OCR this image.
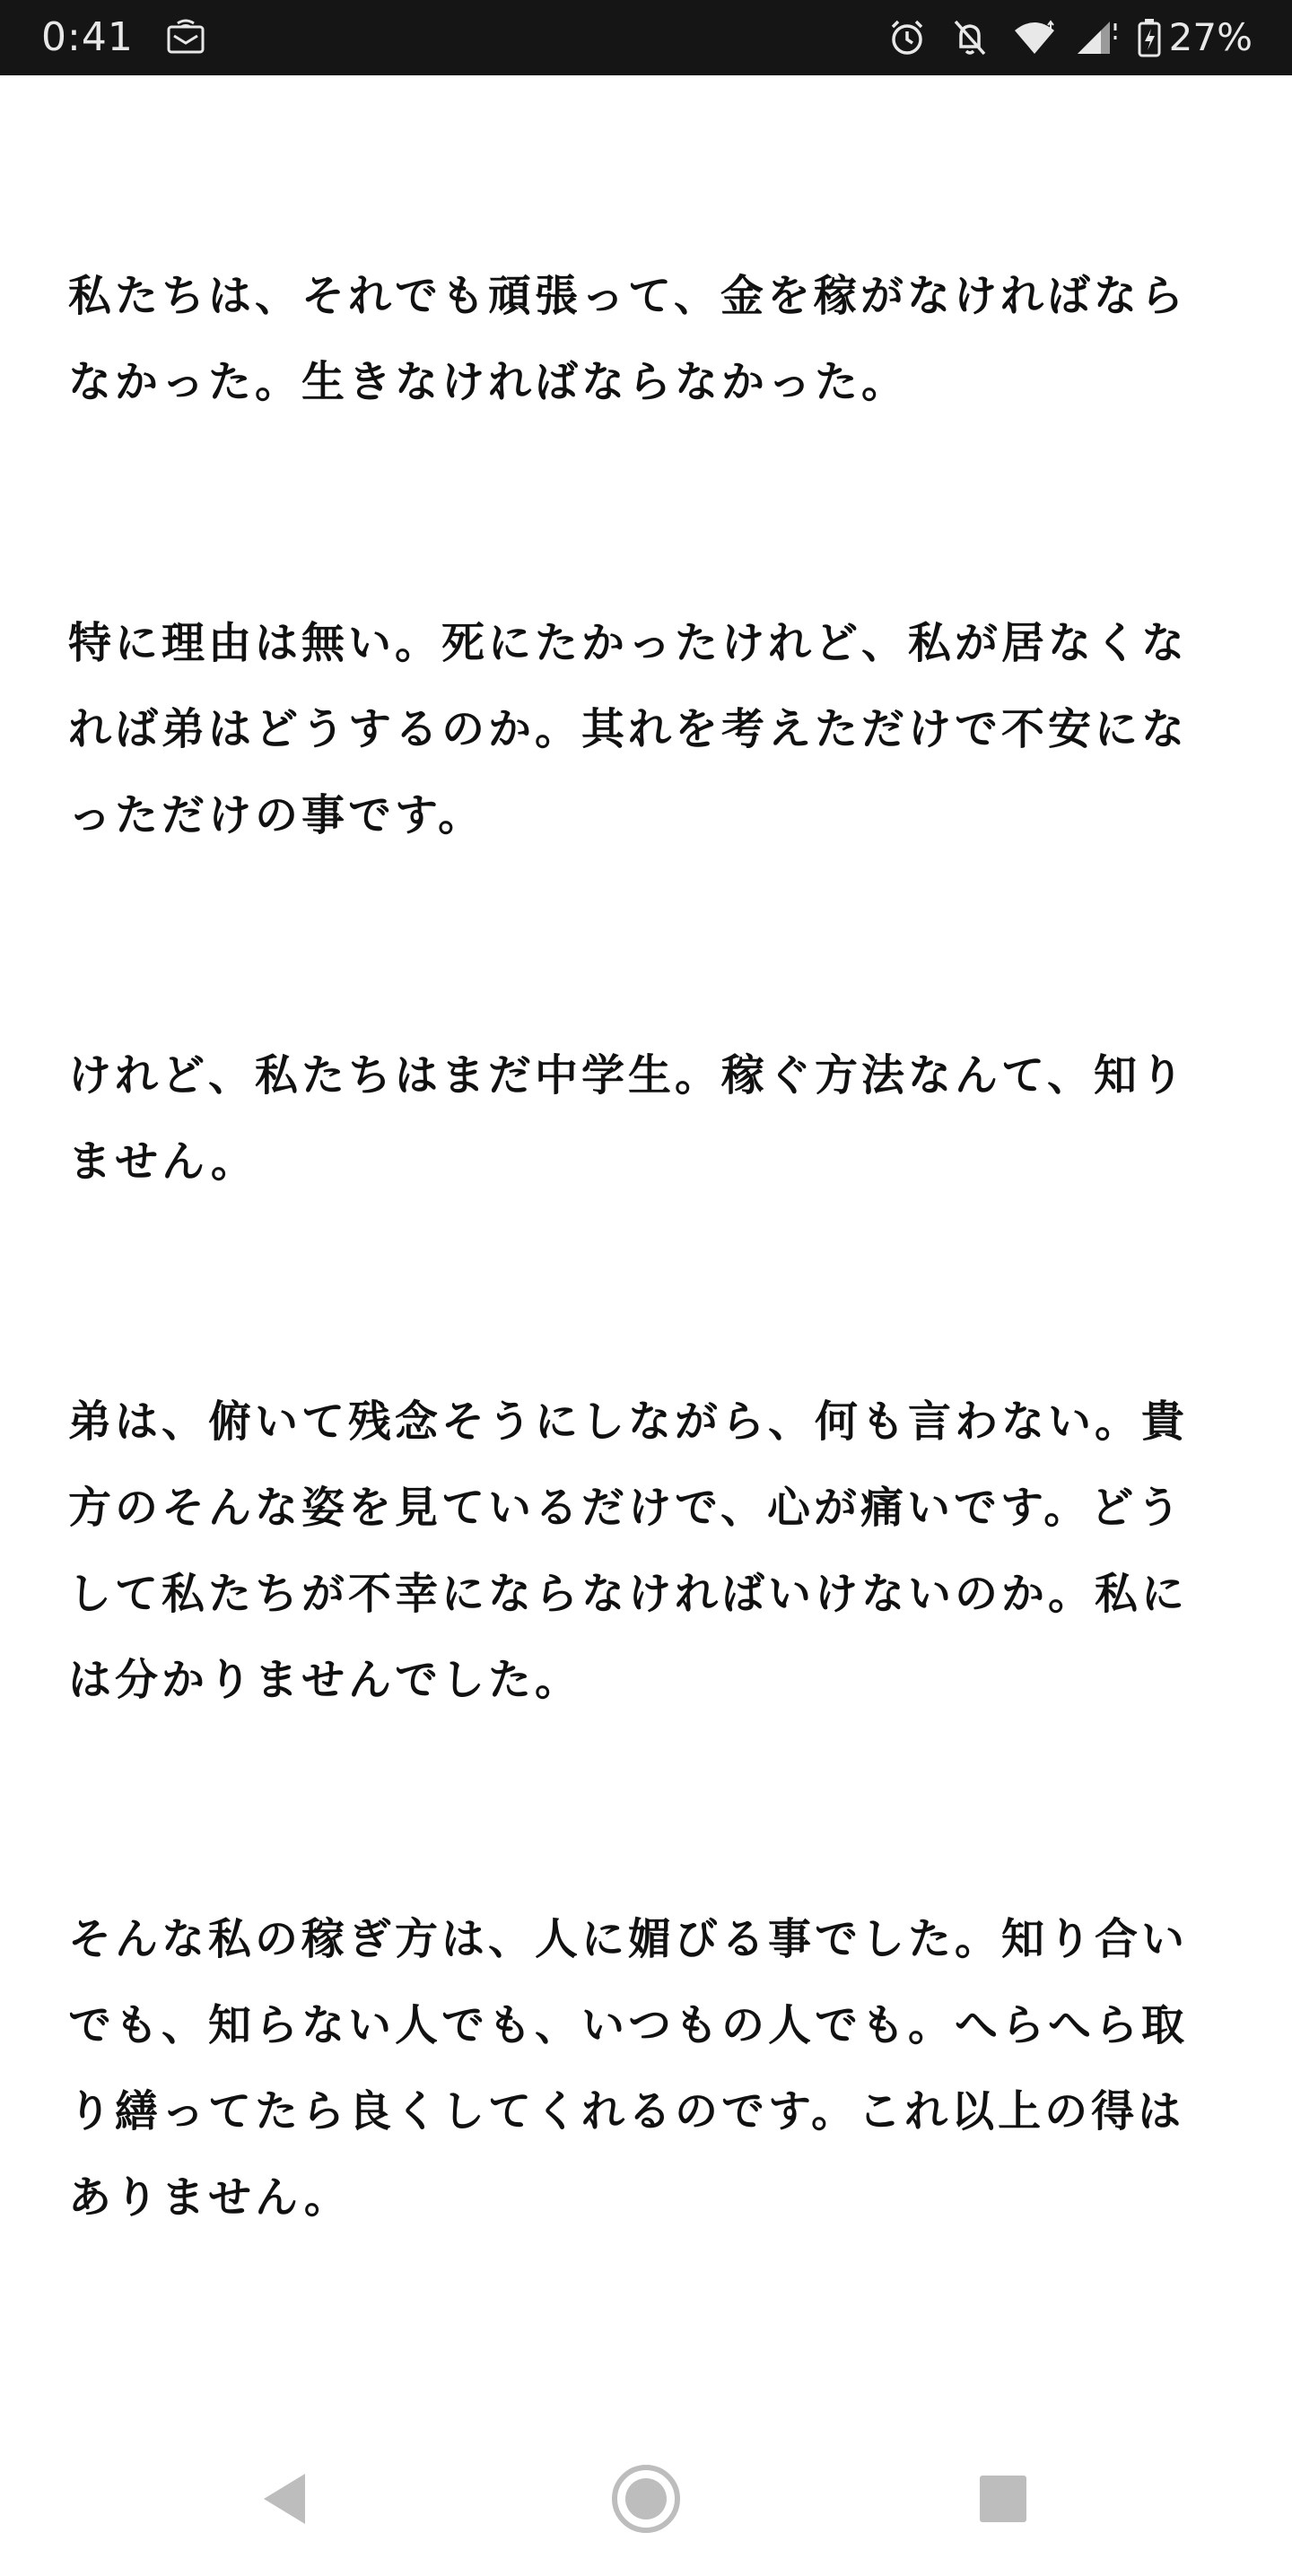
0:41	27%

私たちは、それでも頑張って、金を稼がなければならなかった。生きなければならなかった。

特に理由は無い。死にたかったけれど、私が居なくなれば弟はどうするのか。其れを考えただけで不安になっただけの事です。

けれど、私たちはまだ中学生。稼ぐ方法なんて、知りません。

弟は、俯いて残念そうにしながら、何も言わない。貴方のそんな姿を見ているだけで、心が痛いです。どうして私たちが不幸にならなければいけないのか。私には分かりませんでした。

そんな私の稼ぎ方は、人に媚びる事でした。知り合いでも、知らない人でも、いつもの人でも。へらへら取り繕ってたら良くしてくれるのです。これ以上の得はありません。
